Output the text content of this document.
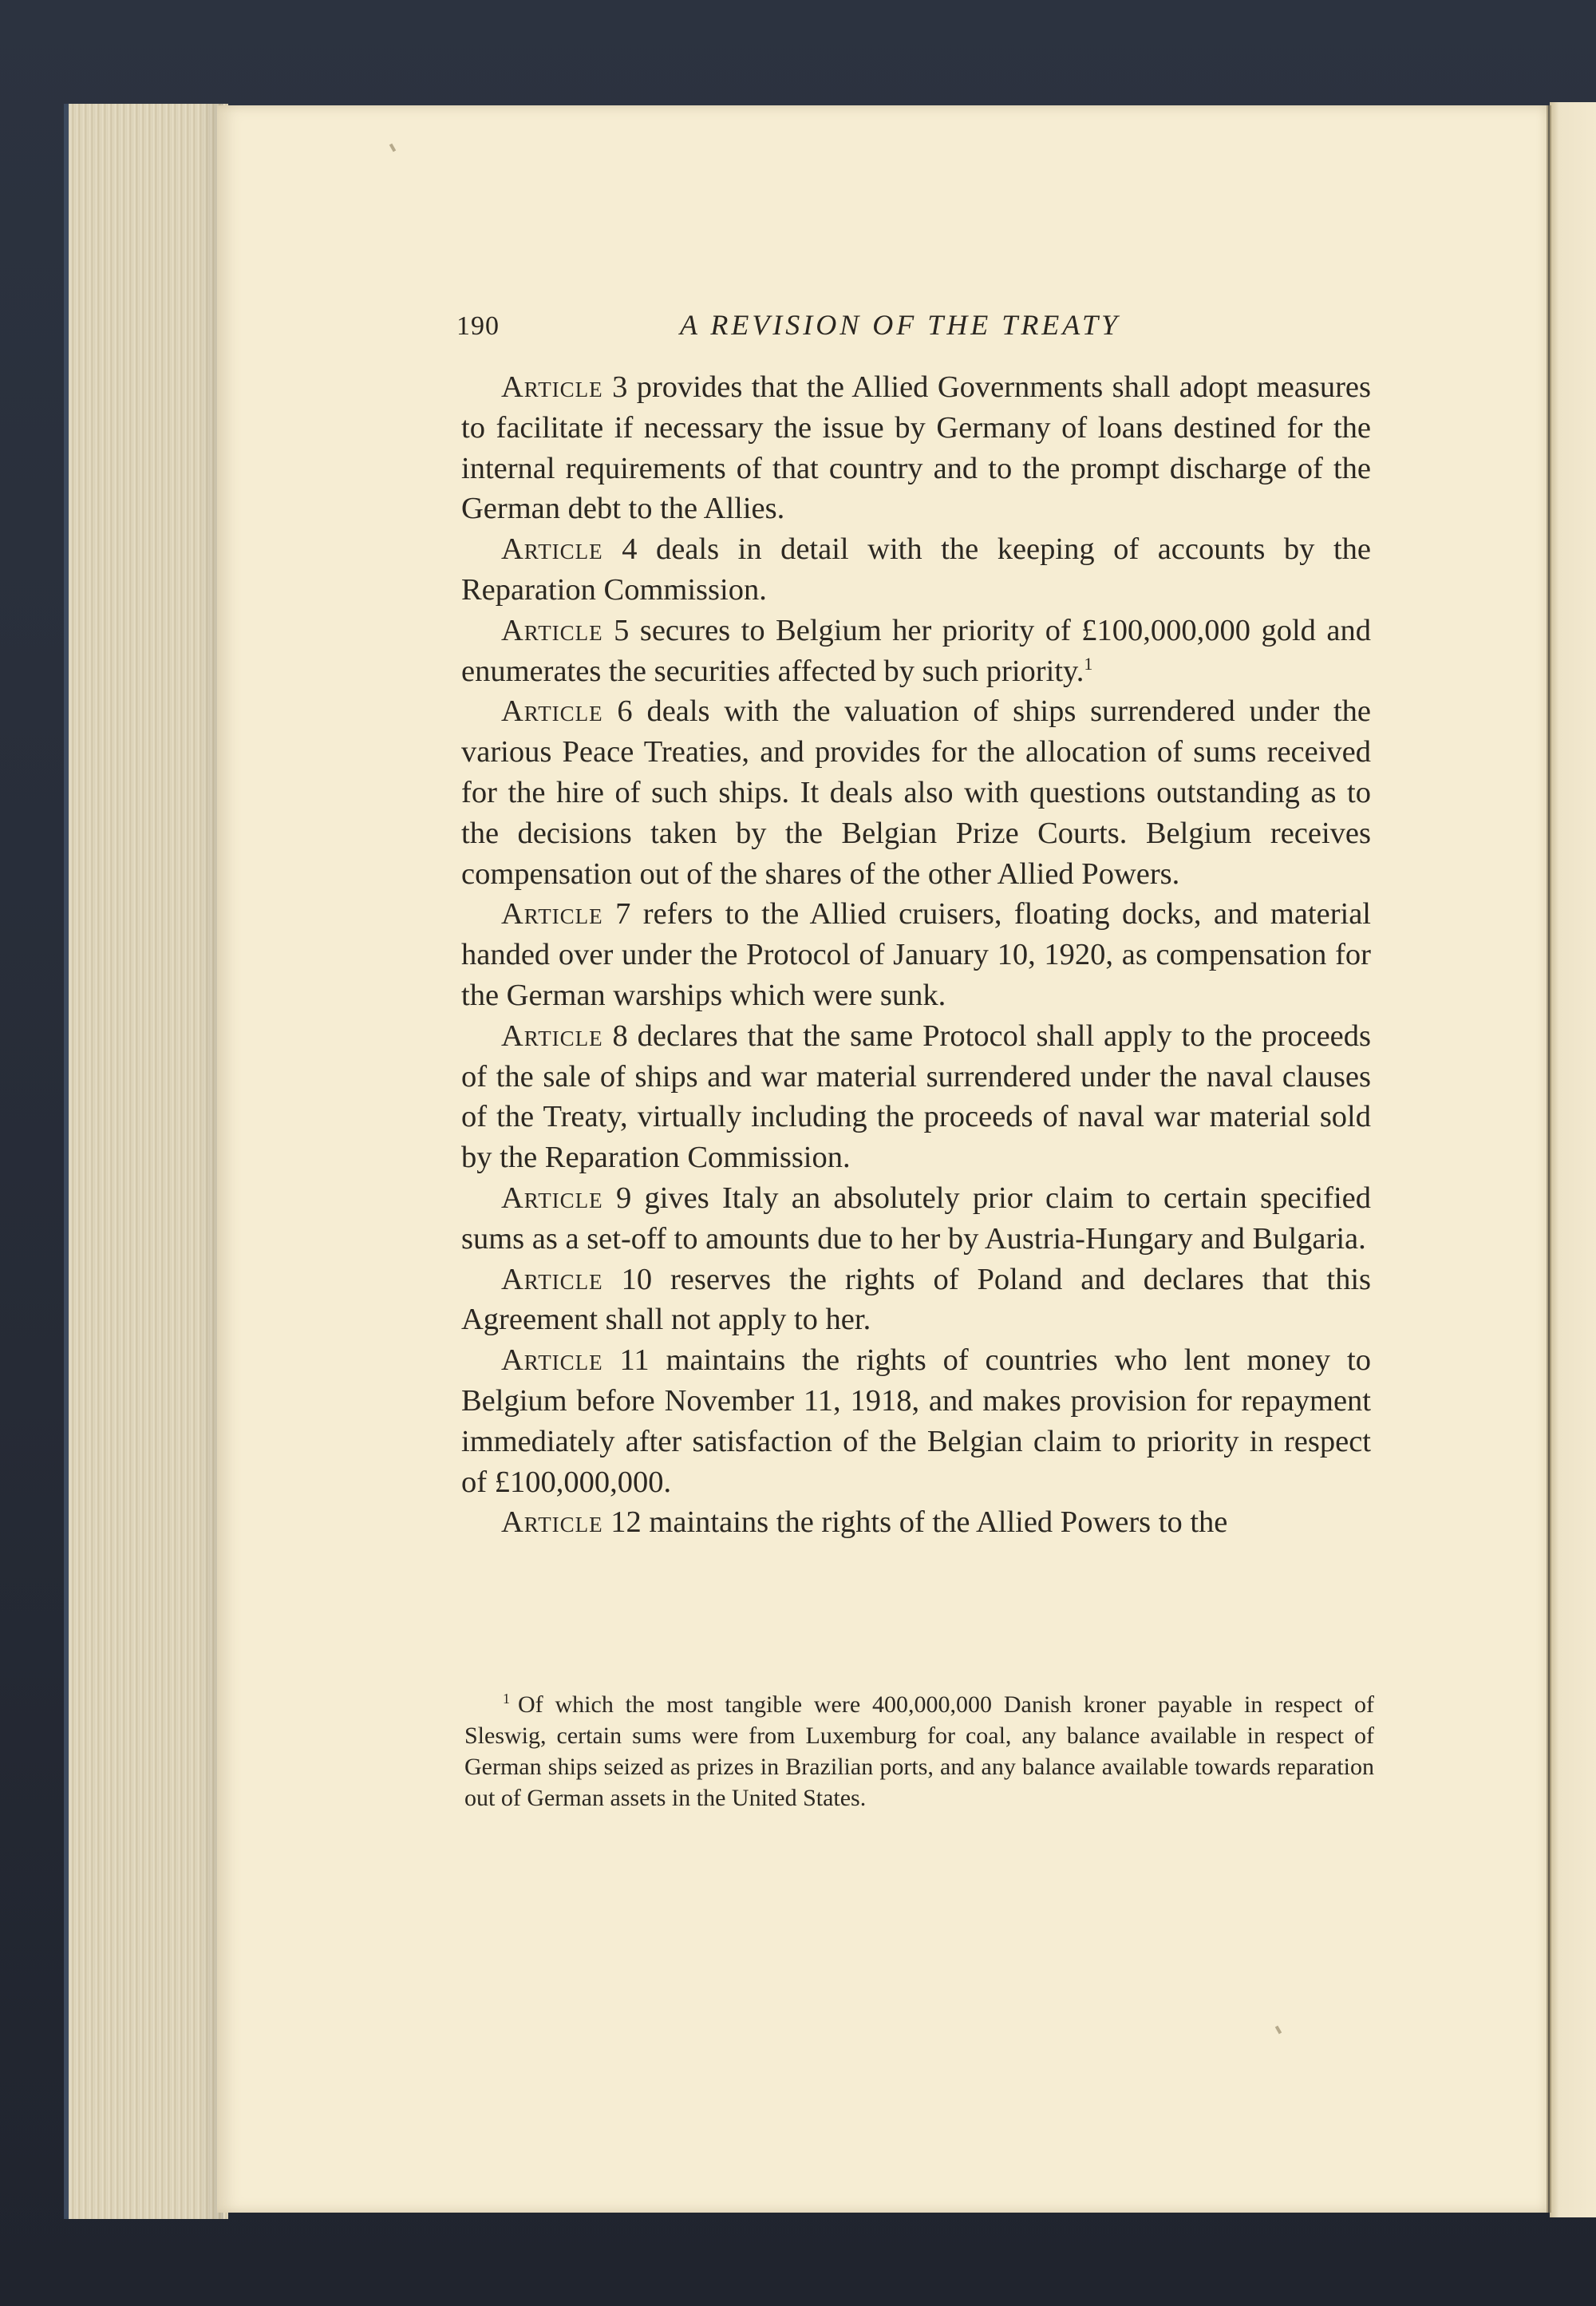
190	A REVISION OF THE TREATY

Article 3 provides that the Allied Governments shall adopt measures to facilitate if necessary the issue by Germany of loans destined for the internal requirements of that country and to the prompt discharge of the German debt to the Allies.

Article 4 deals in detail with the keeping of accounts by the Reparation Commission.

Article 5 secures to Belgium her priority of £100,000,000 gold and enumerates the securities affected by such priority.$^1$

Article 6 deals with the valuation of ships surrendered under the various Peace Treaties, and provides for the allocation of sums received for the hire of such ships. It deals also with questions outstanding as to the decisions taken by the Belgian Prize Courts. Belgium receives compensation out of the shares of the other Allied Powers.

Article 7 refers to the Allied cruisers, floating docks, and material handed over under the Protocol of January 10, 1920, as compensation for the German warships which were sunk.

Article 8 declares that the same Protocol shall apply to the proceeds of the sale of ships and war material surrendered under the naval clauses of the Treaty, virtually including the proceeds of naval war material sold by the Reparation Commission.

Article 9 gives Italy an absolutely prior claim to certain specified sums as a set-off to amounts due to her by Austria-Hungary and Bulgaria.

Article 10 reserves the rights of Poland and declares that this Agreement shall not apply to her.

Article 11 maintains the rights of countries who lent money to Belgium before November 11, 1918, and makes provision for repayment immediately after satisfaction of the Belgian claim to priority in respect of £100,000,000.

Article 12 maintains the rights of the Allied Powers to the

$^1$ Of which the most tangible were 400,000,000 Danish kroner payable in respect of Sleswig, certain sums were from Luxemburg for coal, any balance available in respect of German ships seized as prizes in Brazilian ports, and any balance available towards reparation out of German assets in the United States.
